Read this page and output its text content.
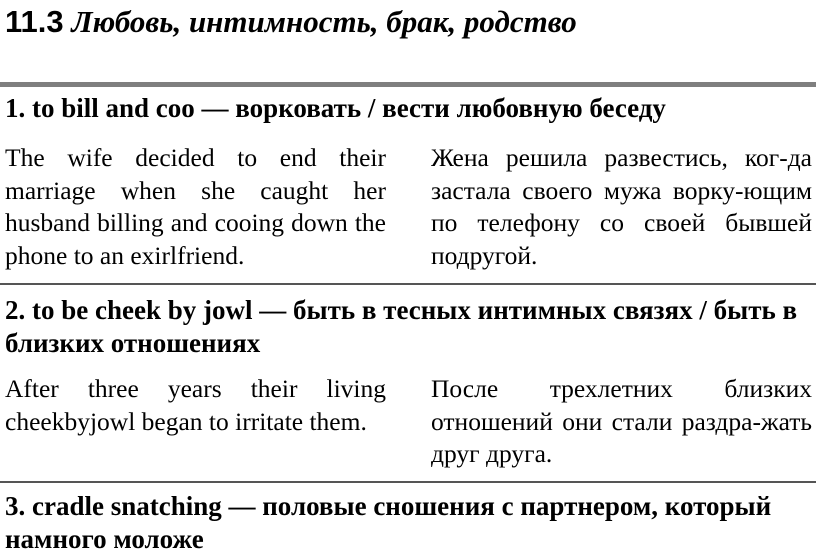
11.3 Любовь, интимность, брак, родство

1. to bill and coo — ворковать / вести любовную беседу

The wife decided to end their marriage when she caught her husband billing and cooing down the phone to an exirlfriend.

Жена решила развестись, ког-да застала своего мужа ворку-ющим по телефону со своей бывшей подругой.

2. to be cheek by jowl — быть в тесных интимных связях / быть в близких отношениях

After three years their living cheekbyjowl began to irritate them.

После трехлетних близких отношений они стали раздра-жать друг друга.

3. cradle snatching — половые сношения с партнером, который намного моложе
